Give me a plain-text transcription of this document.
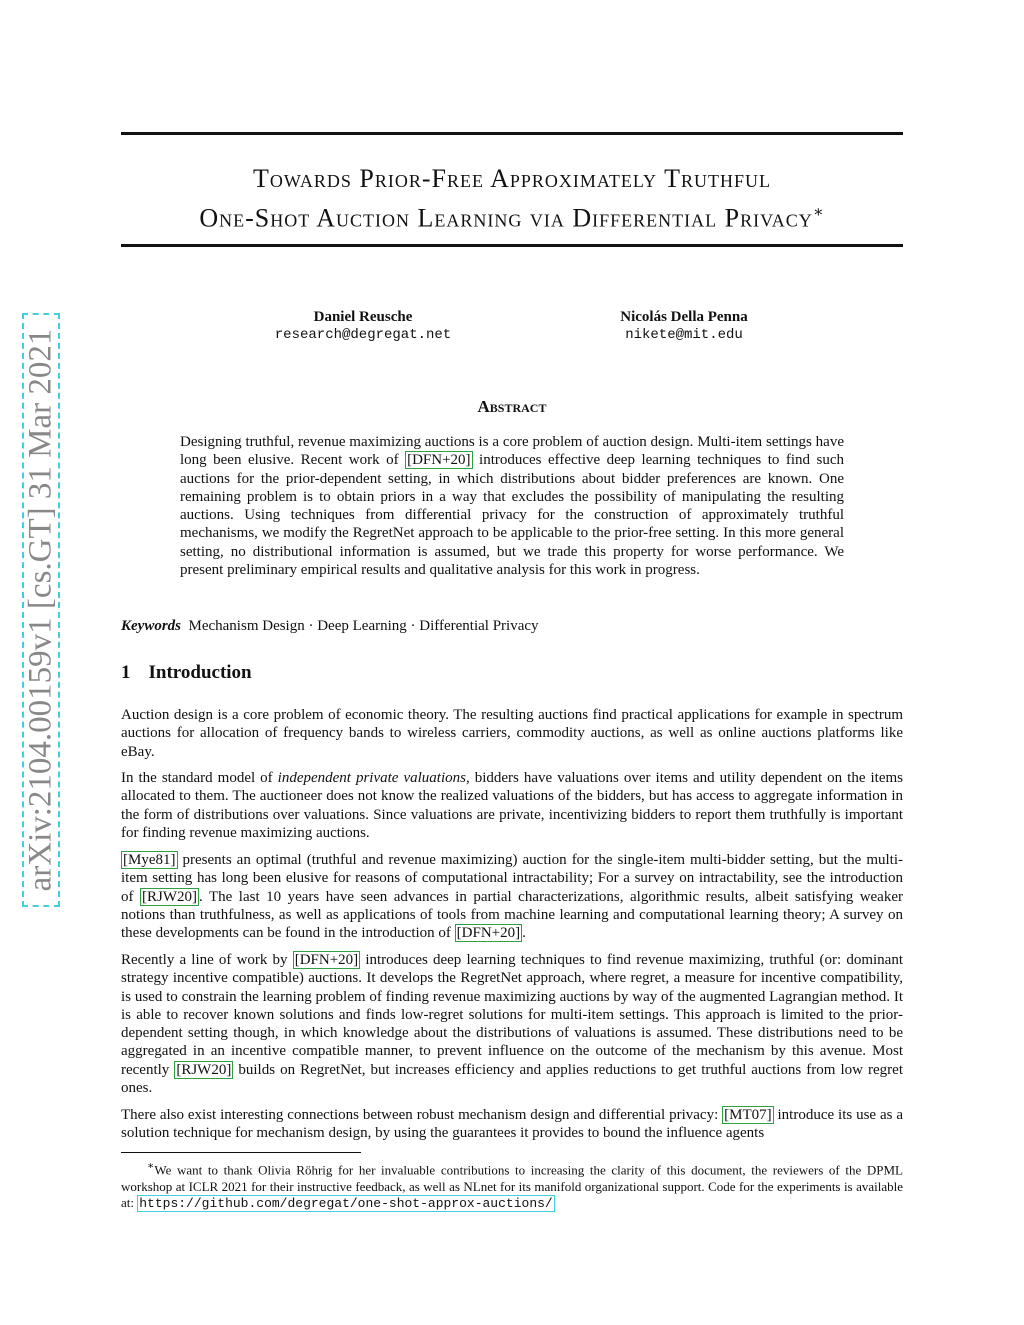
arXiv:2104.00159v1 [cs.GT] 31 Mar 2021
Towards Prior-Free Approximately Truthful
One-Shot Auction Learning via Differential Privacy∗
Daniel Reusche
research@degregat.net
Nicolás Della Penna
nikete@mit.edu
Abstract

Designing truthful, revenue maximizing auctions is a core problem of auction design. Multi-item settings have long been elusive. Recent work of [DFN+20] introduces effective deep learning techniques to find such auctions for the prior-dependent setting, in which distributions about bidder preferences are known. One remaining problem is to obtain priors in a way that excludes the possibility of manipulating the resulting auctions. Using techniques from differential privacy for the construction of approximately truthful mechanisms, we modify the RegretNet approach to be applicable to the prior-free setting. In this more general setting, no distributional information is assumed, but we trade this property for worse performance. We present preliminary empirical results and qualitative analysis for this work in progress.

Keywords Mechanism Design · Deep Learning · Differential Privacy
1 Introduction

Auction design is a core problem of economic theory. The resulting auctions find practical applications for example in spectrum auctions for allocation of frequency bands to wireless carriers, commodity auctions, as well as online auctions platforms like eBay.

In the standard model of independent private valuations, bidders have valuations over items and utility dependent on the items allocated to them. The auctioneer does not know the realized valuations of the bidders, but has access to aggregate information in the form of distributions over valuations. Since valuations are private, incentivizing bidders to report them truthfully is important for finding revenue maximizing auctions.

[Mye81] presents an optimal (truthful and revenue maximizing) auction for the single-item multi-bidder setting, but the multi-item setting has long been elusive for reasons of computational intractability; For a survey on intractability, see the introduction of [RJW20] . The last 10 years have seen advances in partial characterizations, algorithmic results, albeit satisfying weaker notions than truthfulness, as well as applications of tools from machine learning and computational learning theory; A survey on these developments can be found in the introduction of [DFN+20] .

Recently a line of work by [DFN+20] introduces deep learning techniques to find revenue maximizing, truthful (or: dominant strategy incentive compatible) auctions. It develops the RegretNet approach, where regret, a measure for incentive compatibility, is used to constrain the learning problem of finding revenue maximizing auctions by way of the augmented Lagrangian method. It is able to recover known solutions and finds low-regret solutions for multi-item settings. This approach is limited to the prior-dependent setting though, in which knowledge about the distributions of valuations is assumed. These distributions need to be aggregated in an incentive compatible manner, to prevent influence on the outcome of the mechanism by this avenue. Most recently [RJW20] builds on RegretNet, but increases efficiency and applies reductions to get truthful auctions from low regret ones.

There also exist interesting connections between robust mechanism design and differential privacy: [MT07] introduce its use as a solution technique for mechanism design, by using the guarantees it provides to bound the influence agents

∗We want to thank Olivia Röhrig for her invaluable contributions to increasing the clarity of this document, the reviewers of the DPML workshop at ICLR 2021 for their instructive feedback, as well as NLnet for its manifold organizational support. Code for the experiments is available at: https://github.com/degregat/one-shot-approx-auctions/
